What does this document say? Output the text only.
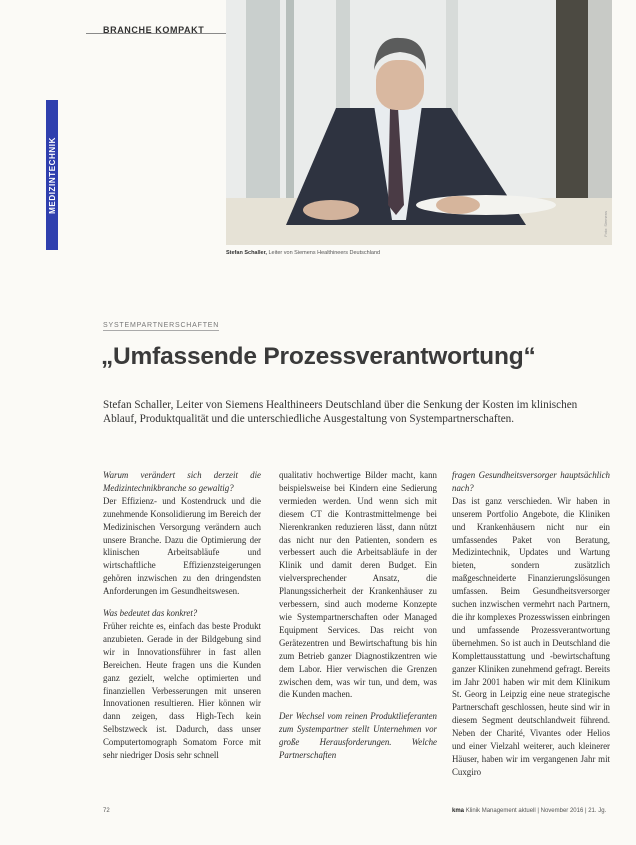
BRANCHE KOMPAKT
MEDIZINTECHNIK
Foto: Siemens
Stefan Schaller, Leiter von Siemens Healthineers Deutschland
SYSTEMPARTNERSCHAFTEN
„Umfassende Prozessverantwortung“
Stefan Schaller, Leiter von Siemens Healthineers Deutschland über die Senkung der Kosten im klinischen Ablauf, Produktqualität und die unterschiedliche Ausgestaltung von Systempartnerschaften.

Warum verändert sich derzeit die Medizintechnikbranche so gewaltig?
Der Effizienz- und Kostendruck und die zunehmende Konsolidierung im Bereich der Medizinischen Versorgung verändern auch unsere Branche. Dazu die Optimierung der klinischen Arbeitsabläufe und wirtschaftliche Effizienzsteigerungen gehören inzwischen zu den dringendsten Anforderungen im Gesundheitswesen.

Was bedeutet das konkret?
Früher reichte es, einfach das beste Produkt anzubieten. Gerade in der Bildgebung sind wir in Innovationsführer in fast allen Bereichen. Heute fragen uns die Kunden ganz gezielt, welche optimierten und finanziellen Verbesserungen mit unseren Innovationen resultieren. Hier können wir dann zeigen, dass High-Tech kein Selbstzweck ist. Dadurch, dass unser Computertomograph Somatom Force mit sehr niedriger Dosis sehr schnell

qualitativ hochwertige Bilder macht, kann beispielsweise bei Kindern eine Sedierung vermieden werden. Und wenn sich mit diesem CT die Kontrastmittelmenge bei Nierenkranken reduzieren lässt, dann nützt das nicht nur den Patienten, sondern es verbessert auch die Arbeitsabläufe in der Klinik und damit deren Budget. Ein vielversprechender Ansatz, die Planungssicherheit der Krankenhäuser zu verbessern, sind auch moderne Konzepte wie Systempartnerschaften oder Managed Equipment Services. Das reicht von Gerätezentren und Bewirtschaftung bis hin zum Betrieb ganzer Diagnostikzentren wie dem Labor. Hier verwischen die Grenzen zwischen dem, was wir tun, und dem, was die Kunden machen.

Der Wechsel vom reinen Produktlieferanten zum Systempartner stellt Unternehmen vor große Herausforderungen. Welche Partnerschaften

fragen Gesundheitsversorger hauptsächlich nach?
Das ist ganz verschieden. Wir haben in unserem Portfolio Angebote, die Kliniken und Krankenhäusern nicht nur ein umfassendes Paket von Beratung, Medizintechnik, Updates und Wartung bieten, sondern zusätzlich maßgeschneiderte Finanzierungslösungen umfassen. Beim Gesundheitsversorger suchen inzwischen vermehrt nach Partnern, die ihr komplexes Prozesswissen einbringen und umfassende Prozessverantwortung übernehmen. So ist auch in Deutschland die Komplettausstattung und -bewirtschaftung ganzer Kliniken zunehmend gefragt. Bereits im Jahr 2001 haben wir mit dem Klinikum St. Georg in Leipzig eine neue strategische Partnerschaft geschlossen, heute sind wir in diesem Segment deutschlandweit führend. Neben der Charité, Vivantes oder Helios und einer Vielzahl weiterer, auch kleinerer Häuser, haben wir im vergangenen Jahr mit Cuxgiro

72	kma Klinik Management aktuell | November 2016 | 21. Jg.
